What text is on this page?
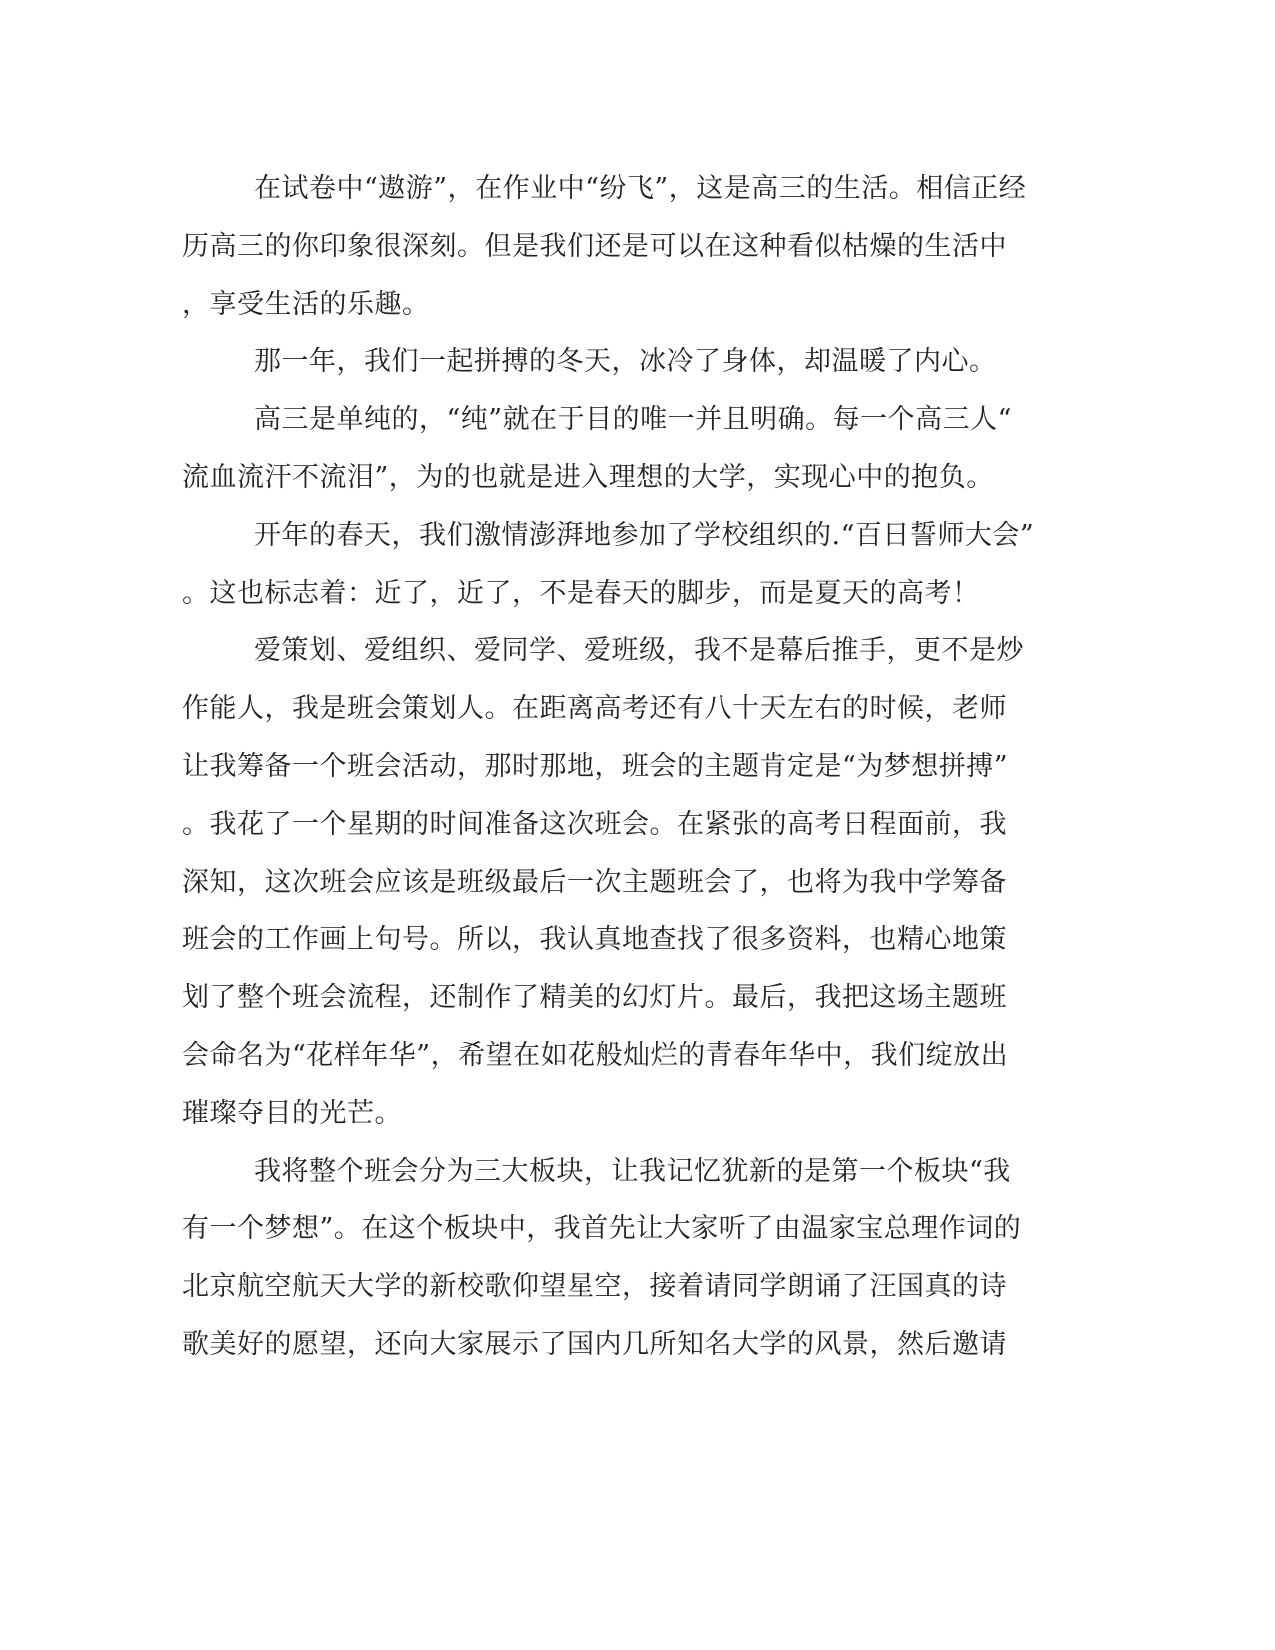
在试卷中“遨游”，在作业中“纷飞”，这是高三的生活。相信正经

历高三的你印象很深刻。但是我们还是可以在这种看似枯燥的生活中

，享受生活的乐趣。

那一年，我们一起拼搏的冬天，冰冷了身体，却温暖了内心。

高三是单纯的，“纯”就在于目的唯一并且明确。每一个高三人“

流血流汗不流泪”，为的也就是进入理想的大学，实现心中的抱负。

开年的春天，我们激情澎湃地参加了学校组织的.“百日誓师大会”

。这也标志着：近了，近了，不是春天的脚步，而是夏天的高考！

爱策划、爱组织、爱同学、爱班级，我不是幕后推手，更不是炒

作能人，我是班会策划人。在距离高考还有八十天左右的时候，老师

让我筹备一个班会活动，那时那地，班会的主题肯定是“为梦想拼搏”

。我花了一个星期的时间准备这次班会。在紧张的高考日程面前，我

深知，这次班会应该是班级最后一次主题班会了，也将为我中学筹备

班会的工作画上句号。所以，我认真地查找了很多资料，也精心地策

划了整个班会流程，还制作了精美的幻灯片。最后，我把这场主题班

会命名为“花样年华”，希望在如花般灿烂的青春年华中，我们绽放出

璀璨夺目的光芒。

我将整个班会分为三大板块，让我记忆犹新的是第一个板块“我

有一个梦想”。在这个板块中，我首先让大家听了由温家宝总理作词的

北京航空航天大学的新校歌仰望星空，接着请同学朗诵了汪国真的诗

歌美好的愿望，还向大家展示了国内几所知名大学的风景，然后邀请
